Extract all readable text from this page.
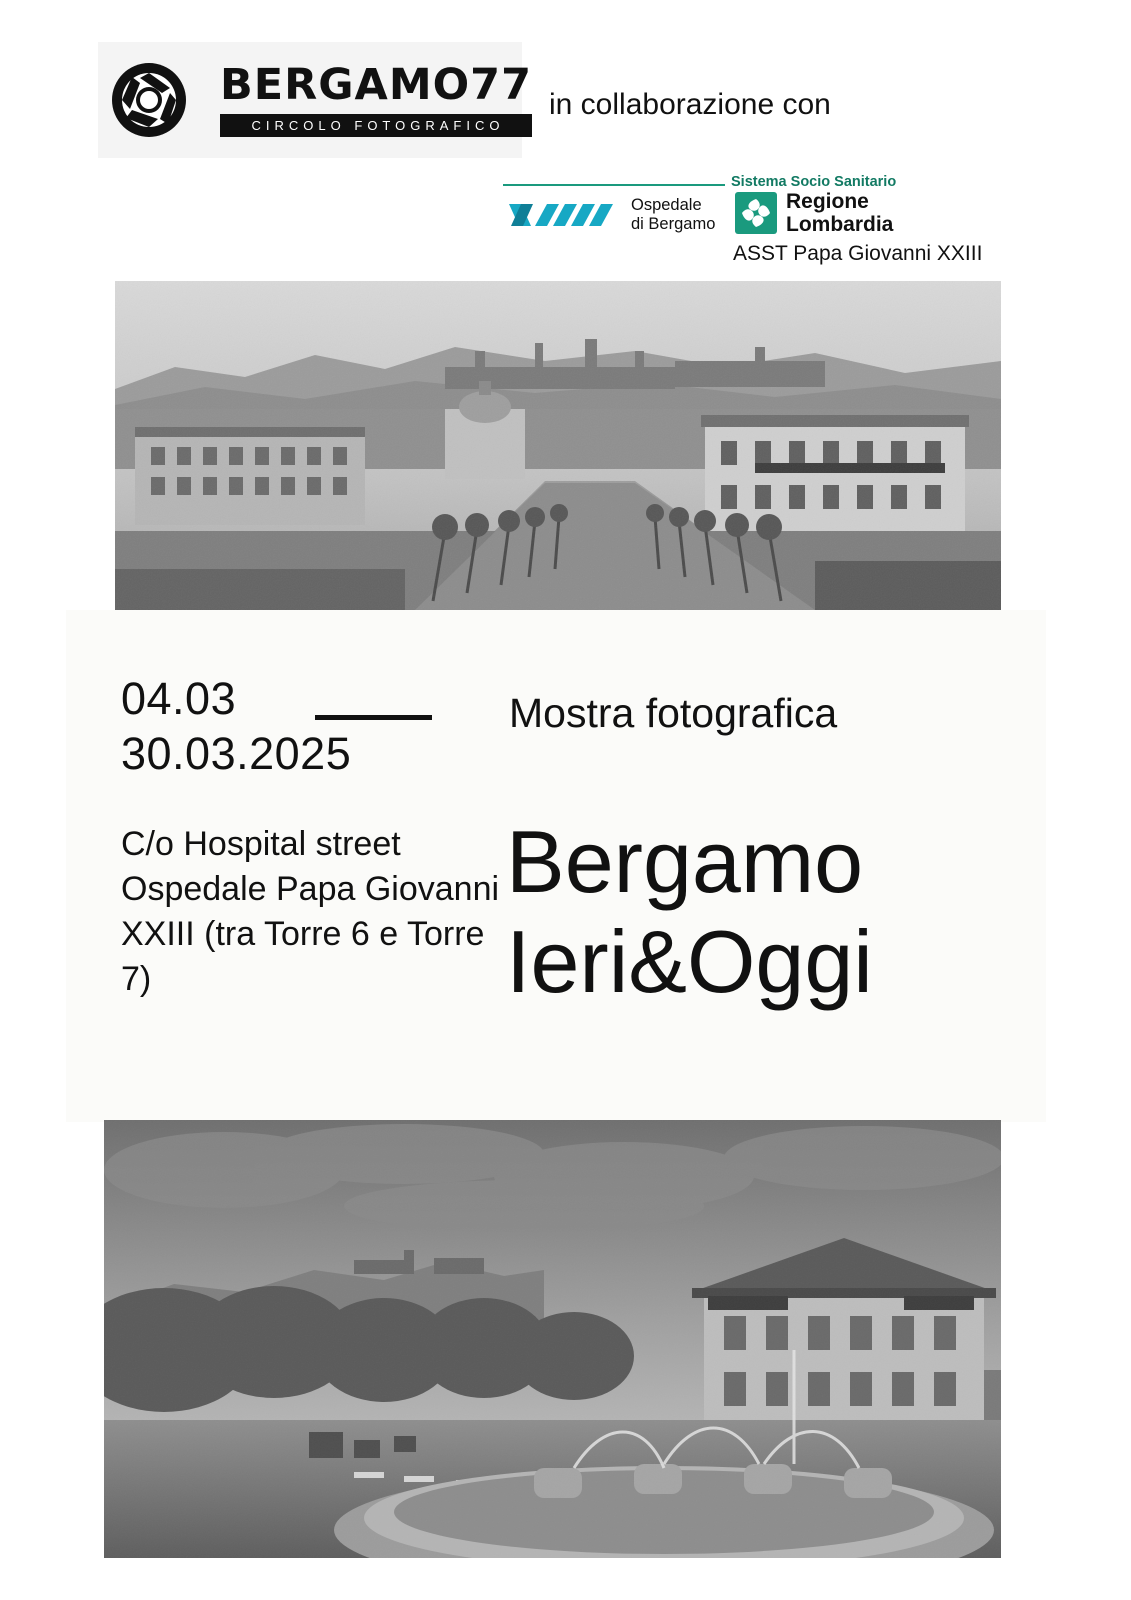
BERGAMO77
CIRCOLO FOTOGRAFICO
in collaborazione con
Sistema Socio Sanitario
Ospedale
di Bergamo
Regione
Lombardia
ASST Papa Giovanni XXIII
04.03
30.03.2025
C/o Hospital street Ospedale Papa Giovanni XXIII (tra Torre 6 e Torre 7)
Mostra fotografica
Bergamo
Ieri&Oggi
